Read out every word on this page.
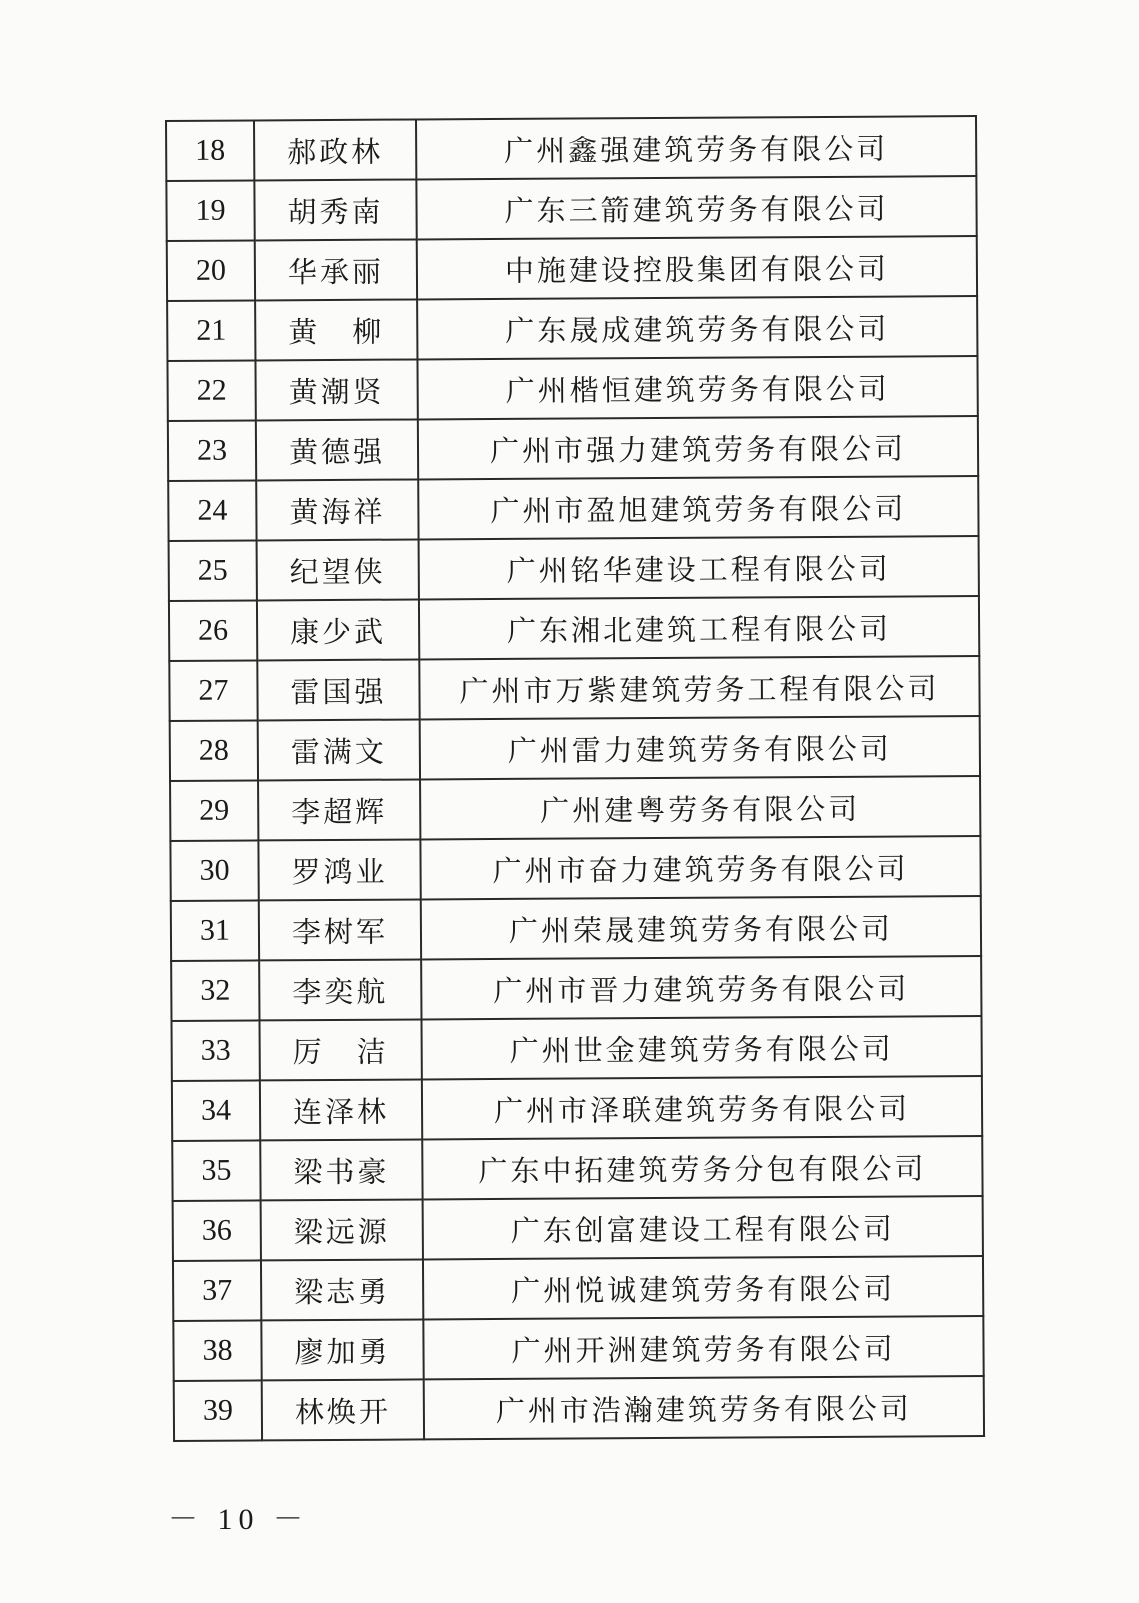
18	郝政林	广州鑫强建筑劳务有限公司
19	胡秀南	广东三箭建筑劳务有限公司
20	华承丽	中施建设控股集团有限公司
21	黄　柳	广东晟成建筑劳务有限公司
22	黄潮贤	广州楷恒建筑劳务有限公司
23	黄德强	广州市强力建筑劳务有限公司
24	黄海祥	广州市盈旭建筑劳务有限公司
25	纪望侠	广州铭华建设工程有限公司
26	康少武	广东湘北建筑工程有限公司
27	雷国强	广州市万紫建筑劳务工程有限公司
28	雷满文	广州雷力建筑劳务有限公司
29	李超辉	广州建粤劳务有限公司
30	罗鸿业	广州市奋力建筑劳务有限公司
31	李树军	广州荣晟建筑劳务有限公司
32	李奕航	广州市晋力建筑劳务有限公司
33	厉　洁	广州世金建筑劳务有限公司
34	连泽林	广州市泽联建筑劳务有限公司
35	梁书豪	广东中拓建筑劳务分包有限公司
36	梁远源	广东创富建设工程有限公司
37	梁志勇	广州悦诚建筑劳务有限公司
38	廖加勇	广州开洲建筑劳务有限公司
39	林焕开	广州市浩瀚建筑劳务有限公司
－ 10 －
